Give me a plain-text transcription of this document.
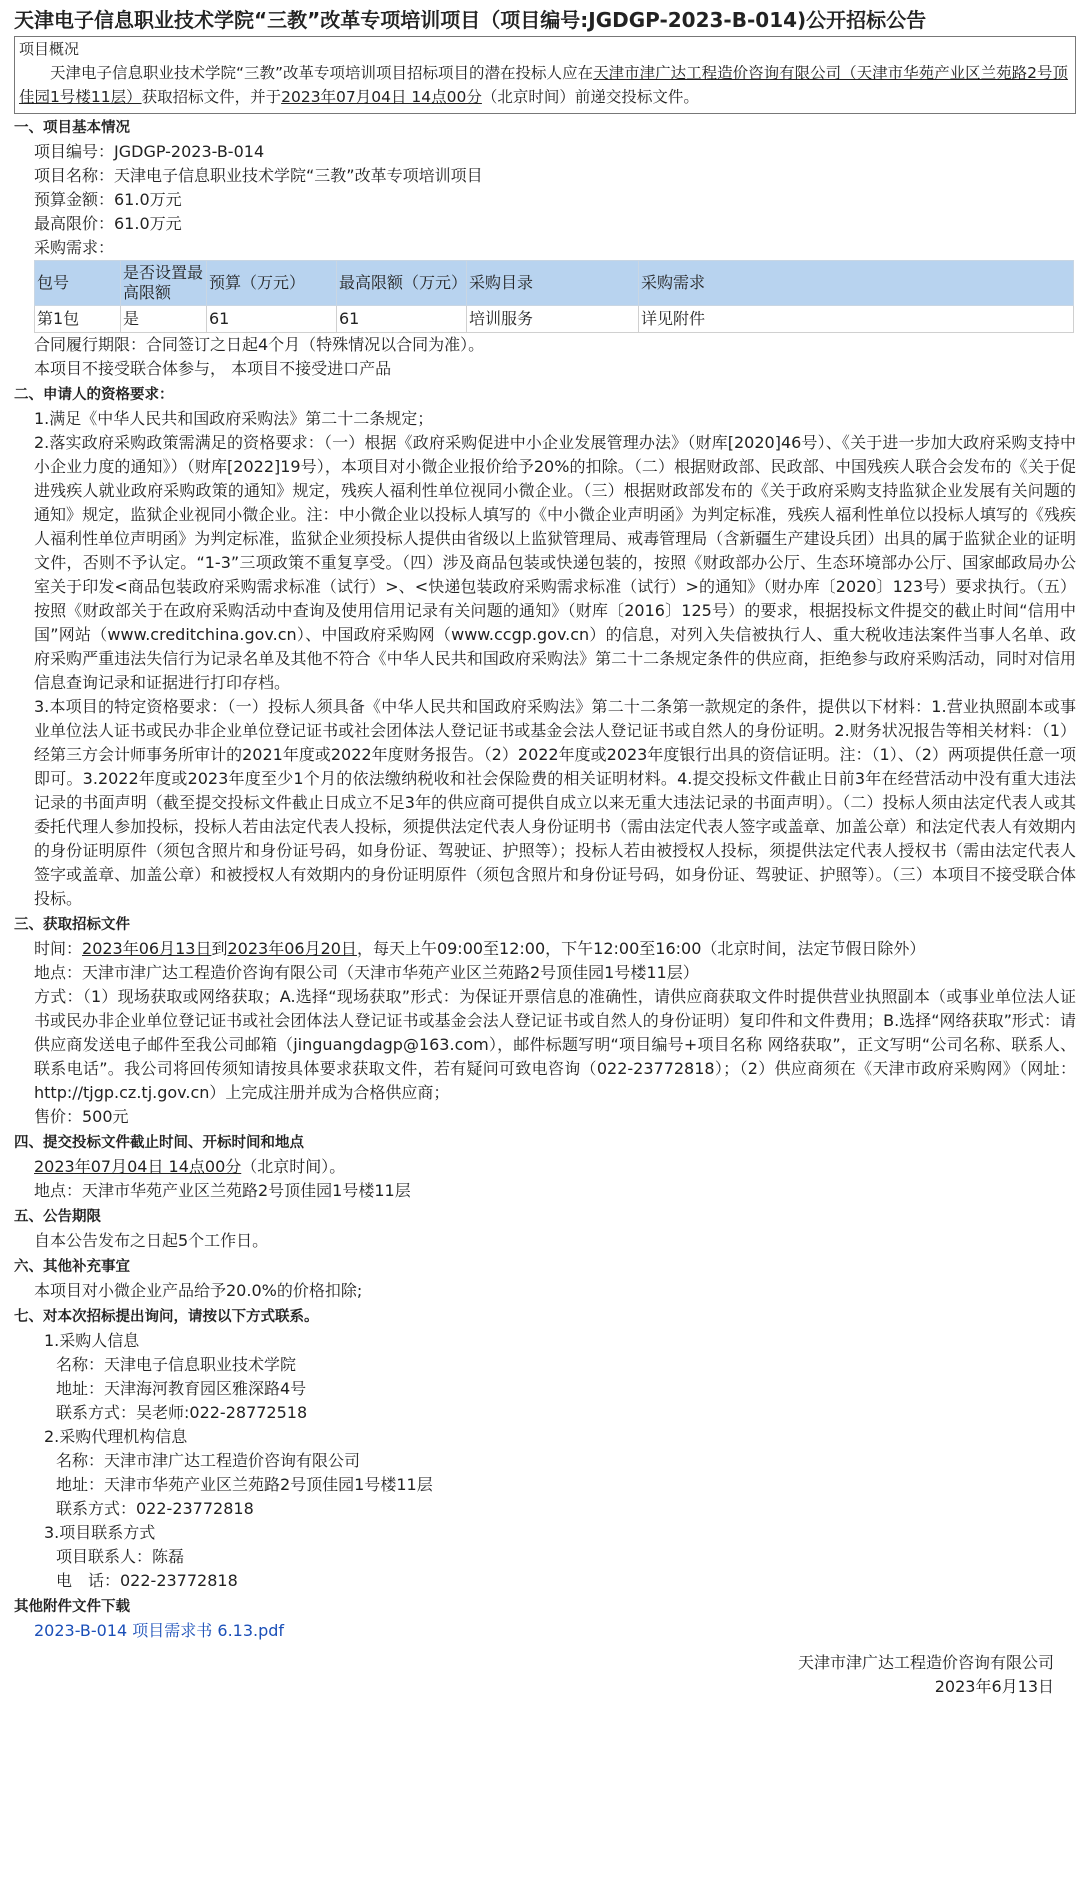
天津电子信息职业技术学院“三教”改革专项培训项目（项目编号:JGDGP-2023-B-014)公开招标公告
项目概况
天津电子信息职业技术学院“三教”改革专项培训项目招标项目的潜在投标人应在天津市津广达工程造价咨询有限公司（天津市华苑产业区兰苑路2号顶佳园1号楼11层）获取招标文件，并于2023年07月04日 14点00分（北京时间）前递交投标文件。
一、项目基本情况
项目编号：JGDGP-2023-B-014
项目名称：天津电子信息职业技术学院“三教”改革专项培训项目
预算金额：61.0万元
最高限价：61.0万元
采购需求：
包号	是否设置最高限额	预算（万元）	最高限额（万元）	采购目录	采购需求
第1包	是	61	61	培训服务	详见附件
合同履行期限：合同签订之日起4个月（特殊情况以合同为准）。
本项目不接受联合体参与， 本项目不接受进口产品
二、申请人的资格要求：
1.满足《中华人民共和国政府采购法》第二十二条规定；
2.落实政府采购政策需满足的资格要求：（一）根据《政府采购促进中小企业发展管理办法》（财库[2020]46号）、《关于进一步加大政府采购支持中小企业力度的通知》）（财库[2022]19号），本项目对小微企业报价给予20%的扣除。（二）根据财政部、民政部、中国残疾人联合会发布的《关于促进残疾人就业政府采购政策的通知》规定，残疾人福利性单位视同小微企业。（三）根据财政部发布的《关于政府采购支持监狱企业发展有关问题的通知》规定，监狱企业视同小微企业。注：中小微企业以投标人填写的《中小微企业声明函》为判定标准，残疾人福利性单位以投标人填写的《残疾人福利性单位声明函》为判定标准，监狱企业须投标人提供由省级以上监狱管理局、戒毒管理局（含新疆生产建设兵团）出具的属于监狱企业的证明文件，否则不予认定。“1-3”三项政策不重复享受。（四）涉及商品包装或快递包装的，按照《财政部办公厅、生态环境部办公厅、国家邮政局办公室关于印发<商品包装政府采购需求标准（试行）>、<快递包装政府采购需求标准（试行）>的通知》（财办库〔2020〕123号）要求执行。（五）按照《财政部关于在政府采购活动中查询及使用信用记录有关问题的通知》（财库〔2016〕125号）的要求，根据投标文件提交的截止时间“信用中国”网站（www.creditchina.gov.cn）、中国政府采购网（www.ccgp.gov.cn）的信息，对列入失信被执行人、重大税收违法案件当事人名单、政府采购严重违法失信行为记录名单及其他不符合《中华人民共和国政府采购法》第二十二条规定条件的供应商，拒绝参与政府采购活动，同时对信用信息查询记录和证据进行打印存档。
3.本项目的特定资格要求：（一）投标人须具备《中华人民共和国政府采购法》第二十二条第一款规定的条件，提供以下材料：1.营业执照副本或事业单位法人证书或民办非企业单位登记证书或社会团体法人登记证书或基金会法人登记证书或自然人的身份证明。2.财务状况报告等相关材料：（1）经第三方会计师事务所审计的2021年度或2022年度财务报告。（2）2022年度或2023年度银行出具的资信证明。注：（1）、（2）两项提供任意一项即可。3.2022年度或2023年度至少1个月的依法缴纳税收和社会保险费的相关证明材料。4.提交投标文件截止日前3年在经营活动中没有重大违法记录的书面声明（截至提交投标文件截止日成立不足3年的供应商可提供自成立以来无重大违法记录的书面声明）。（二）投标人须由法定代表人或其委托代理人参加投标，投标人若由法定代表人投标，须提供法定代表人身份证明书（需由法定代表人签字或盖章、加盖公章）和法定代表人有效期内的身份证明原件（须包含照片和身份证号码，如身份证、驾驶证、护照等）；投标人若由被授权人投标，须提供法定代表人授权书（需由法定代表人签字或盖章、加盖公章）和被授权人有效期内的身份证明原件（须包含照片和身份证号码，如身份证、驾驶证、护照等）。（三）本项目不接受联合体投标。
三、获取招标文件
时间：2023年06月13日到2023年06月20日，每天上午09:00至12:00，下午12:00至16:00（北京时间，法定节假日除外）
地点：天津市津广达工程造价咨询有限公司（天津市华苑产业区兰苑路2号顶佳园1号楼11层）
方式：（1）现场获取或网络获取；A.选择“现场获取”形式：为保证开票信息的准确性，请供应商获取文件时提供营业执照副本（或事业单位法人证书或民办非企业单位登记证书或社会团体法人登记证书或基金会法人登记证书或自然人的身份证明）复印件和文件费用；B.选择“网络获取”形式：请供应商发送电子邮件至我公司邮箱（jinguangdagp@163.com），邮件标题写明“项目编号+项目名称 网络获取”，正文写明“公司名称、联系人、联系电话”。我公司将回传须知请按具体要求获取文件，若有疑问可致电咨询（022-23772818）；（2）供应商须在《天津市政府采购网》（网址：http://tjgp.cz.tj.gov.cn）上完成注册并成为合格供应商；
售价：500元
四、提交投标文件截止时间、开标时间和地点
2023年07月04日 14点00分（北京时间）。
地点：天津市华苑产业区兰苑路2号顶佳园1号楼11层
五、公告期限
自本公告发布之日起5个工作日。
六、其他补充事宜
本项目对小微企业产品给予20.0%的价格扣除;
七、对本次招标提出询问，请按以下方式联系。
1.采购人信息
名称：天津电子信息职业技术学院
地址：天津海河教育园区雅深路4号
联系方式：吴老师:022-28772518
2.采购代理机构信息
名称：天津市津广达工程造价咨询有限公司
地址：天津市华苑产业区兰苑路2号顶佳园1号楼11层
联系方式：022-23772818
3.项目联系方式
项目联系人：陈磊
电　话：022-23772818
其他附件文件下载
2023-B-014 项目需求书 6.13.pdf
天津市津广达工程造价咨询有限公司
2023年6月13日
